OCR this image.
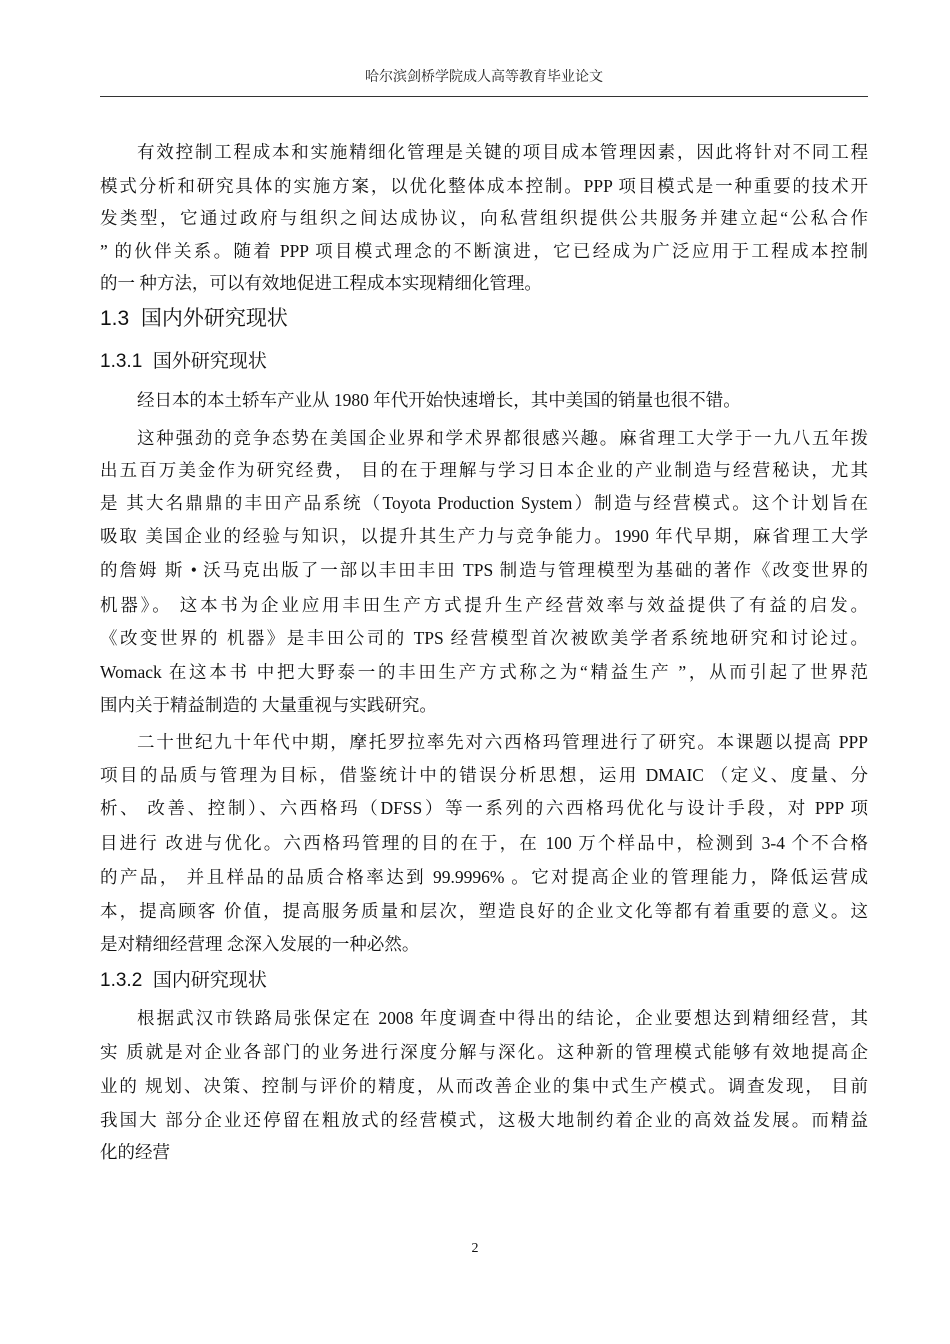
哈尔滨剑桥学院成人高等教育毕业论文
有效控制工程成本和实施精细化管理是关键的项目成本管理因素，因此将针对不同工程
模式分析和研究具体的实施方案，以优化整体成本控制。PPP 项目模式是一种重要的技术开
发类型，它通过政府与组织之间达成协议，向私营组织提供公共服务并建立起“公私合作
” 的伙伴关系。随着 PPP 项目模式理念的不断演进，它已经成为广泛应用于工程成本控制
的一 种方法，可以有效地促进工程成本实现精细化管理。
1.3 国内外研究现状
1.3.1 国外研究现状
经日本的本土轿车产业从 1980 年代开始快速增长，其中美国的销量也很不错。
这种强劲的竞争态势在美国企业界和学术界都很感兴趣。麻省理工大学于一九八五年拨
出五百万美金作为研究经费， 目的在于理解与学习日本企业的产业制造与经营秘诀，尤其
是 其大名鼎鼎的丰田产品系统（Toyota Production System）制造与经营模式。这个计划旨在
吸取 美国企业的经验与知识，以提升其生产力与竞争能力。1990 年代早期，麻省理工大学
的詹姆 斯 • 沃马克出版了一部以丰田丰田 TPS 制造与管理模型为基础的著作《改变世界的
机器》。 这本书为企业应用丰田生产方式提升生产经营效率与效益提供了有益的启发。
《改变世界的 机器》是丰田公司的 TPS 经营模型首次被欧美学者系统地研究和讨论过。
Womack 在这本书 中把大野泰一的丰田生产方式称之为“精益生产 ”，从而引起了世界范
围内关于精益制造的 大量重视与实践研究。
二十世纪九十年代中期，摩托罗拉率先对六西格玛管理进行了研究。本课题以提高 PPP
项目的品质与管理为目标，借鉴统计中的错误分析思想，运用 DMAIC （定义、度量、分
析、 改善、控制）、六西格玛（DFSS）等一系列的六西格玛优化与设计手段，对 PPP 项
目进行 改进与优化。六西格玛管理的目的在于，在 100 万个样品中，检测到 3-4 个不合格
的产品， 并且样品的品质合格率达到 99.9996% 。它对提高企业的管理能力，降低运营成
本，提高顾客 价值，提高服务质量和层次，塑造良好的企业文化等都有着重要的意义。这
是对精细经营理 念深入发展的一种必然。
1.3.2 国内研究现状
根据武汉市铁路局张保定在 2008 年度调查中得出的结论，企业要想达到精细经营，其
实 质就是对企业各部门的业务进行深度分解与深化。这种新的管理模式能够有效地提高企
业的 规划、决策、控制与评价的精度，从而改善企业的集中式生产模式。调查发现， 目前
我国大 部分企业还停留在粗放式的经营模式，这极大地制约着企业的高效益发展。而精益
化的经营
2
